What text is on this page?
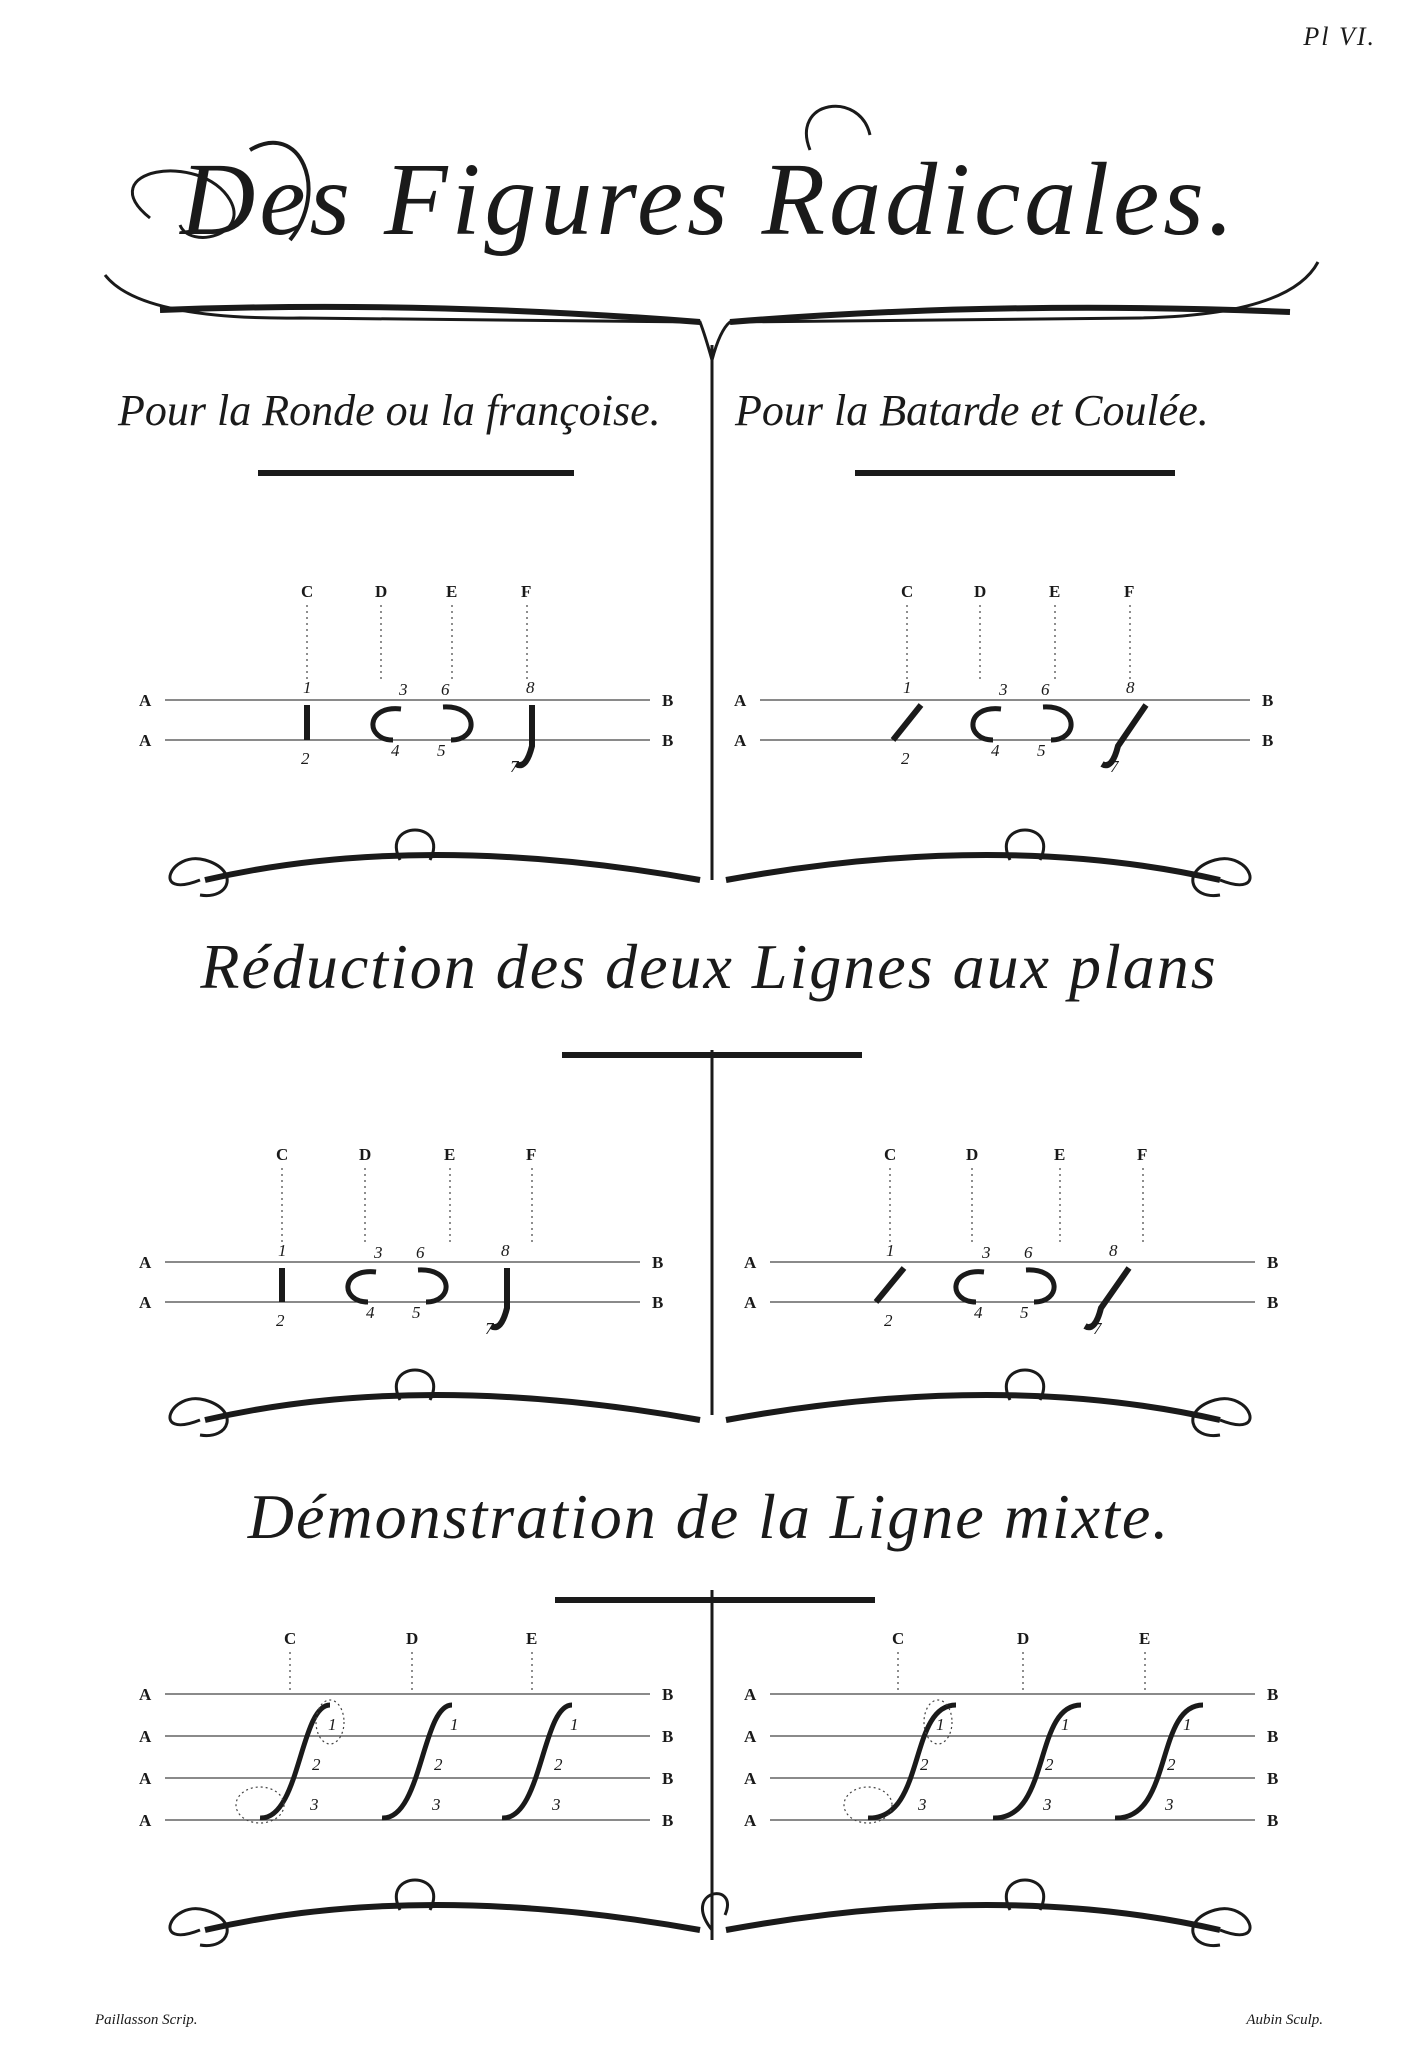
Pl VI.
Des Figures Radicales.
Pour la Ronde ou la françoise. Pour la Batarde et Coulée.
Réduction des deux Lignes aux plans
Démonstration de la Ligne mixte.
Paillasson Scrip.	Aubin Sculp.
A	B
A	B
C	D	E	F
1
2
3
4 5
6	8
7
A	B
A	B
C	D	E	F
1
2
3
4 5
6	8
7
A	B
A	B
C	D	E	F
1
2
3
4 5
6	8
7
A	B
A	B
C	D	E	F
1
2
3
4 5
6	8
7
A	B
A	B
A	B
A	B
C	D	E
1
2
3
1
2
3
1
2
3
A	B
A	B
A	B
A	B
C	D	E
1
2
3
1
2
3
1
2
3
